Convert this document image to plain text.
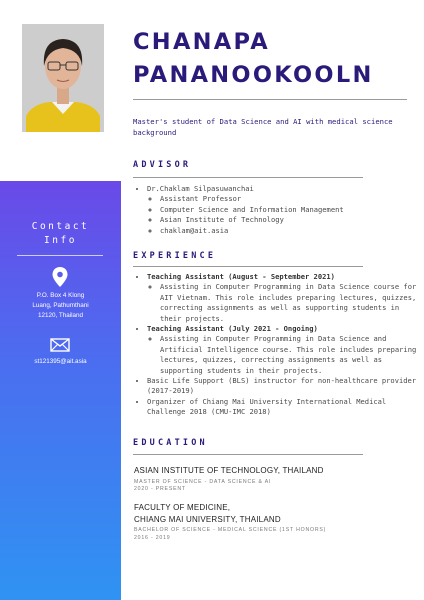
Contact
Info
P.O. Box 4 Klong
Luang, Pathumthani
12120, Thailand
st121395@ait.asia
CHANAPA
PANANOOKOOLN
Master's student of Data Science and AI with medical science background
ADVISOR
• Dr.Chaklam Silpasuwanchai
◦ Assistant Professor
◦ Computer Science and Information Management
◦ Asian Institute of Technology
◦ chaklam@ait.asia
EXPERIENCE
• Teaching Assistant (August - September 2021)
◦ Assisting in Computer Programming in Data Science course for AIT Vietnam. This role includes preparing lectures, quizzes, correcting assignments as well as supporting students in their projects.
• Teaching Assistant (July 2021 - Ongoing)
◦ Assisting in Computer Programming in Data Science and Artificial Intelligence course. This role includes preparing lectures, quizzes, correcting assignments as well as supporting students in their projects.
• Basic Life Support (BLS) instructor for non-healthcare provider (2017-2019)
• Organizer of Chiang Mai University International Medical Challenge 2018 (CMU-IMC 2018)
EDUCATION
ASIAN INSTITUTE OF TECHNOLOGY, THAILAND
MASTER OF SCIENCE - DATA SCIENCE & AI
2020 - PRESENT
FACULTY OF MEDICINE,
CHIANG MAI UNIVERSITY, THAILAND
BACHELOR OF SCIENCE - MEDICAL SCIENCE (1ST HONORS)
2016 - 2019
